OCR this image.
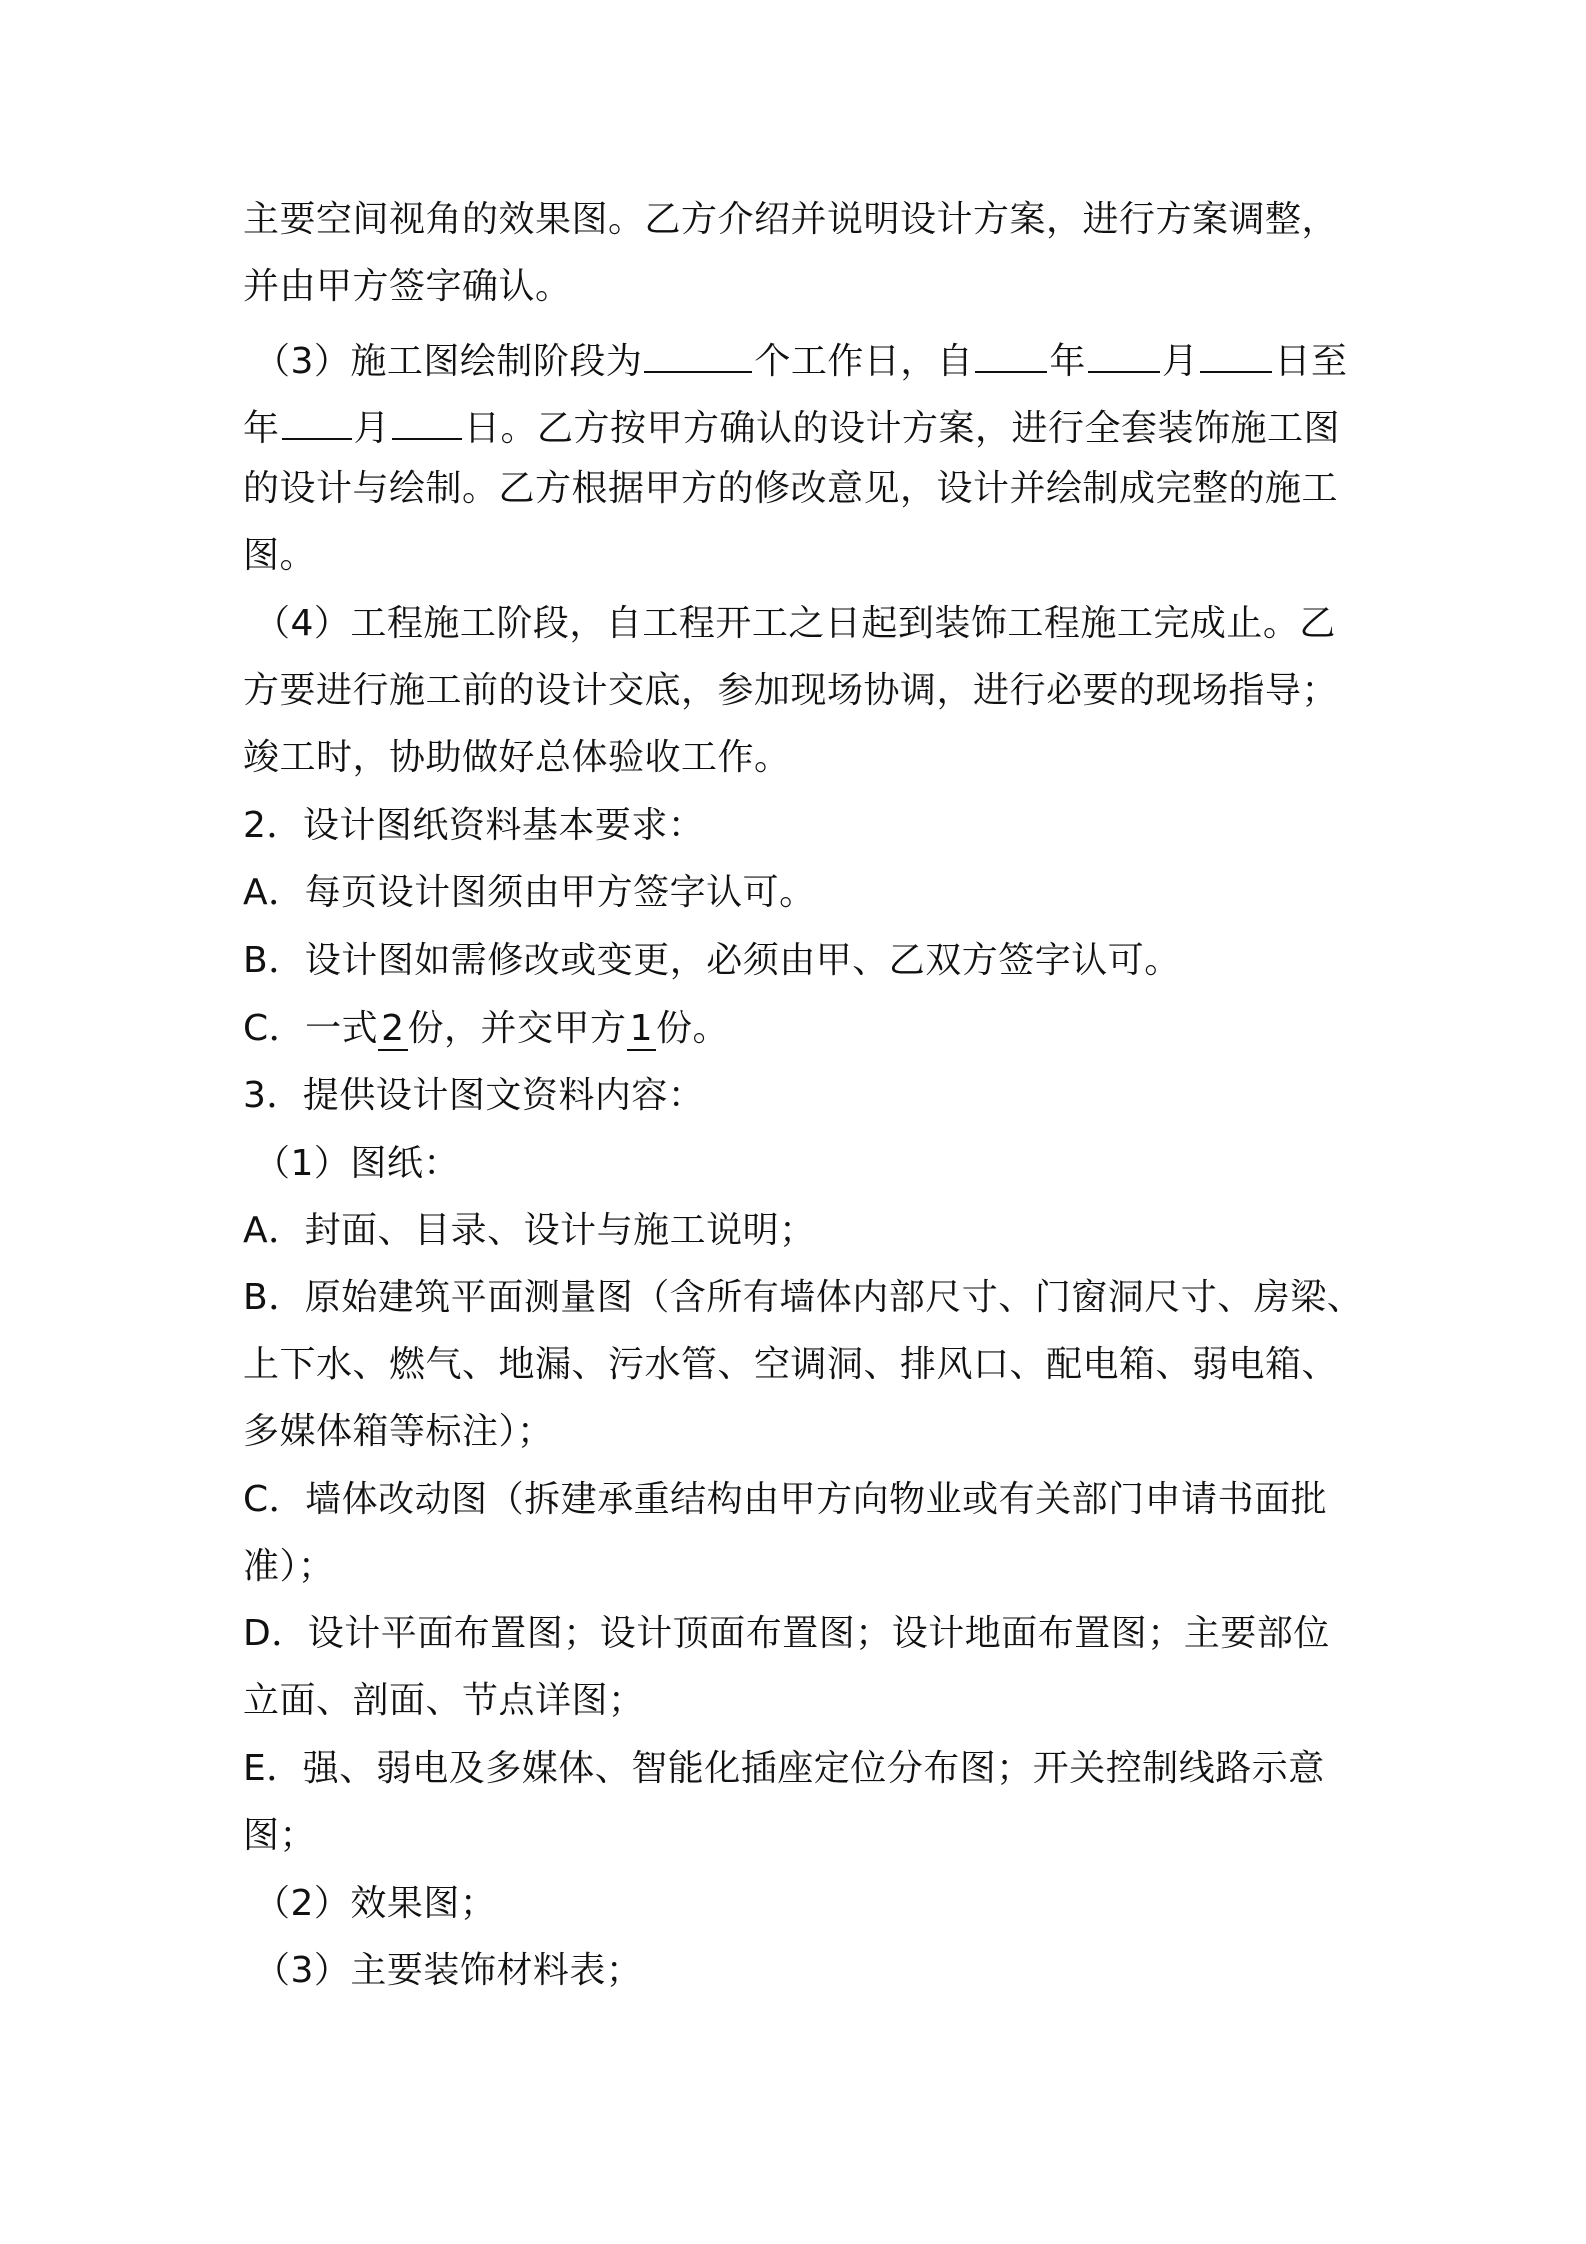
主要空间视角的效果图。乙方介绍并说明设计方案，进行方案调整，
并由甲方签字确认。
（3）施工图绘制阶段为	个工作日，自 年 月 日至
年 月 日。乙方按甲方确认的设计方案，进行全套装饰施工图
的设计与绘制。乙方根据甲方的修改意见，设计并绘制成完整的施工
图。
（4）工程施工阶段，自工程开工之日起到装饰工程施工完成止。乙
方要进行施工前的设计交底，参加现场协调，进行必要的现场指导；
竣工时，协助做好总体验收工作。
2．设计图纸资料基本要求：
A．每页设计图须由甲方签字认可。
B．设计图如需修改或变更，必须由甲、乙双方签字认可。
C．一式2份，并交甲方1份。
3．提供设计图文资料内容：
（1）图纸：
A．封面、目录、设计与施工说明；
B．原始建筑平面测量图（含所有墙体内部尺寸、门窗洞尺寸、房梁、
上下水、燃气、地漏、污水管、空调洞、排风口、配电箱、弱电箱、
多媒体箱等标注）；
C．墙体改动图（拆建承重结构由甲方向物业或有关部门申请书面批
准）；
D．设计平面布置图；设计顶面布置图；设计地面布置图；主要部位
立面、剖面、节点详图；
E．强、弱电及多媒体、智能化插座定位分布图；开关控制线路示意
图；
（2）效果图；
（3）主要装饰材料表；
